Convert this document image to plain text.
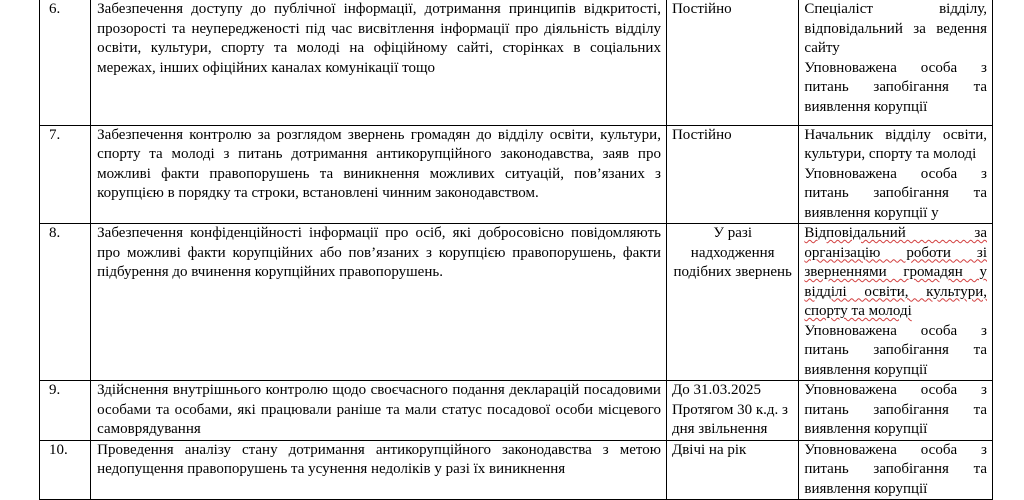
6.	Забезпечення доступу до публічної інформації, дотримання принципів відкритості, прозорості та неупередженості під час висвітлення інформації про діяльність відділу освіти, культури, спорту та молоді на офіційному сайті, сторінках в соціальних мережах, інших офіційних каналах комунікації тощо	Постійно	Спеціаліст відділу, відповідальний за ведення сайту
Уповноважена особа з питань запобігання та виявлення корупції

7.	Забезпечення контролю за розглядом звернень громадян до відділу освіти, культури, спорту та молоді з питань дотримання антикорупційного законодавства, заяв про можливі факти правопорушень та виникнення можливих ситуацій, пов’язаних з корупцією в порядку та строки, встановлені чинним законодавством.	Постійно	Начальник відділу освіти, культури, спорту та молоді
Уповноважена особа з питань запобігання та виявлення корупції у

8.	Забезпечення конфіденційності інформації про осіб, які добросовісно повідомляють про можливі факти корупційних або пов’язаних з корупцією правопорушень, факти підбурення до вчинення корупційних правопорушень.	У разі надходження подібних звернень	Відповідальний за організацію роботи зі зверненнями громадян у відділі освіти, культури, спорту та молоді
Уповноважена особа з питань запобігання та виявлення корупції

9.	Здійснення внутрішнього контролю щодо своєчасного подання декларацій посадовими особами та особами, які працювали раніше та мали статус посадової особи місцевого самоврядування	До 31.03.2025 Протягом 30 к.д. з дня звільнення	Уповноважена особа з питань запобігання та виявлення корупції

10.	Проведення аналізу стану дотримання антикорупційного законодавства з метою недопущення правопорушень та усунення недоліків у разі їх виникнення	Двічі на рік	Уповноважена особа з питань запобігання та виявлення корупції
